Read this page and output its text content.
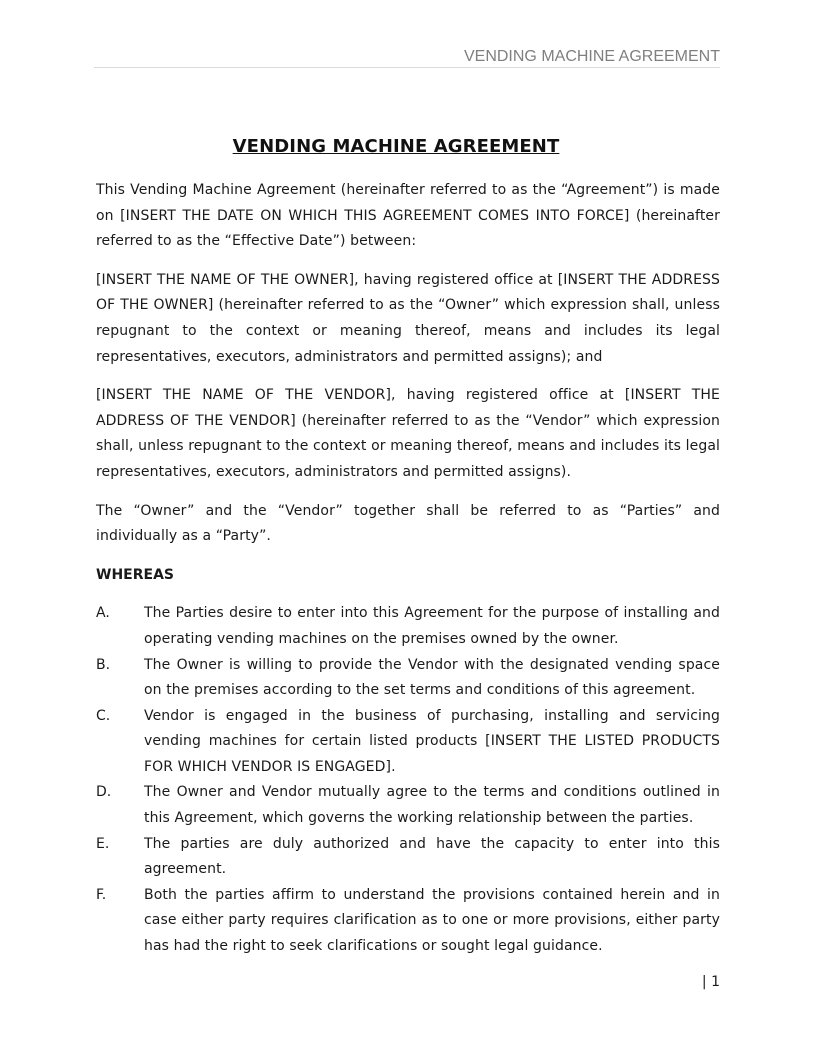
VENDING MACHINE AGREEMENT
VENDING MACHINE AGREEMENT

This Vending Machine Agreement (hereinafter referred to as the “Agreement”) is made on [INSERT THE DATE ON WHICH THIS AGREEMENT COMES INTO FORCE] (hereinafter referred to as the “Effective Date”) between:

[INSERT THE NAME OF THE OWNER], having registered office at [INSERT THE ADDRESS OF THE OWNER] (hereinafter referred to as the “Owner” which expression shall, unless repugnant to the context or meaning thereof, means and includes its legal representatives, executors, administrators and permitted assigns); and

[INSERT THE NAME OF THE VENDOR], having registered office at [INSERT THE ADDRESS OF THE VENDOR] (hereinafter referred to as the “Vendor” which expression shall, unless repugnant to the context or meaning thereof, means and includes its legal representatives, executors, administrators and permitted assigns).

The “Owner” and the “Vendor” together shall be referred to as “Parties” and individually as a “Party”.

WHEREAS
A.	The Parties desire to enter into this Agreement for the purpose of installing and operating vending machines on the premises owned by the owner.
B.	The Owner is willing to provide the Vendor with the designated vending space on the premises according to the set terms and conditions of this agreement.
C.	Vendor is engaged in the business of purchasing, installing and servicing vending machines for certain listed products [INSERT THE LISTED PRODUCTS FOR WHICH VENDOR IS ENGAGED].
D.	The Owner and Vendor mutually agree to the terms and conditions outlined in this Agreement, which governs the working relationship between the parties.
E.	The parties are duly authorized and have the capacity to enter into this agreement.
F.	Both the parties affirm to understand the provisions contained herein and in case either party requires clarification as to one or more provisions, either party has had the right to seek clarifications or sought legal guidance.
| 1
